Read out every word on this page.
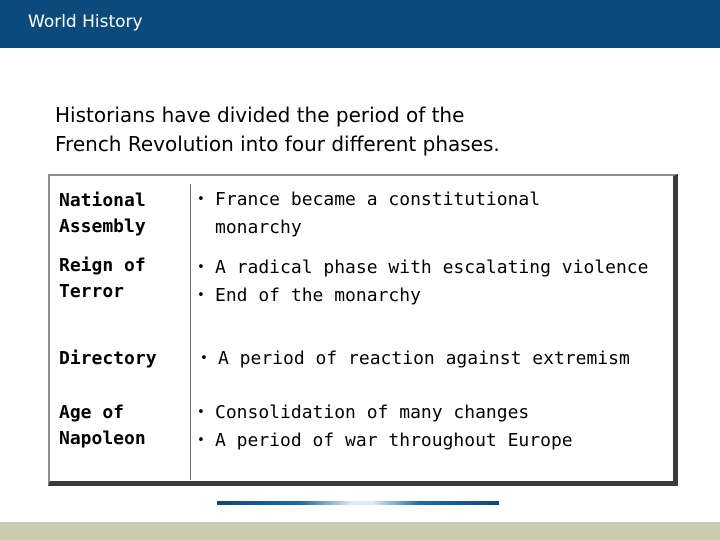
World History
Historians have divided the period of the
French Revolution into four different phases.
National
Assembly
• France became a constitutional
monarchy
Reign of
Terror
• A radical phase with escalating violence
• End of the monarchy
Directory	• A period of reaction against extremism
Age of
Napoleon
• Consolidation of many changes
• A period of war throughout Europe
